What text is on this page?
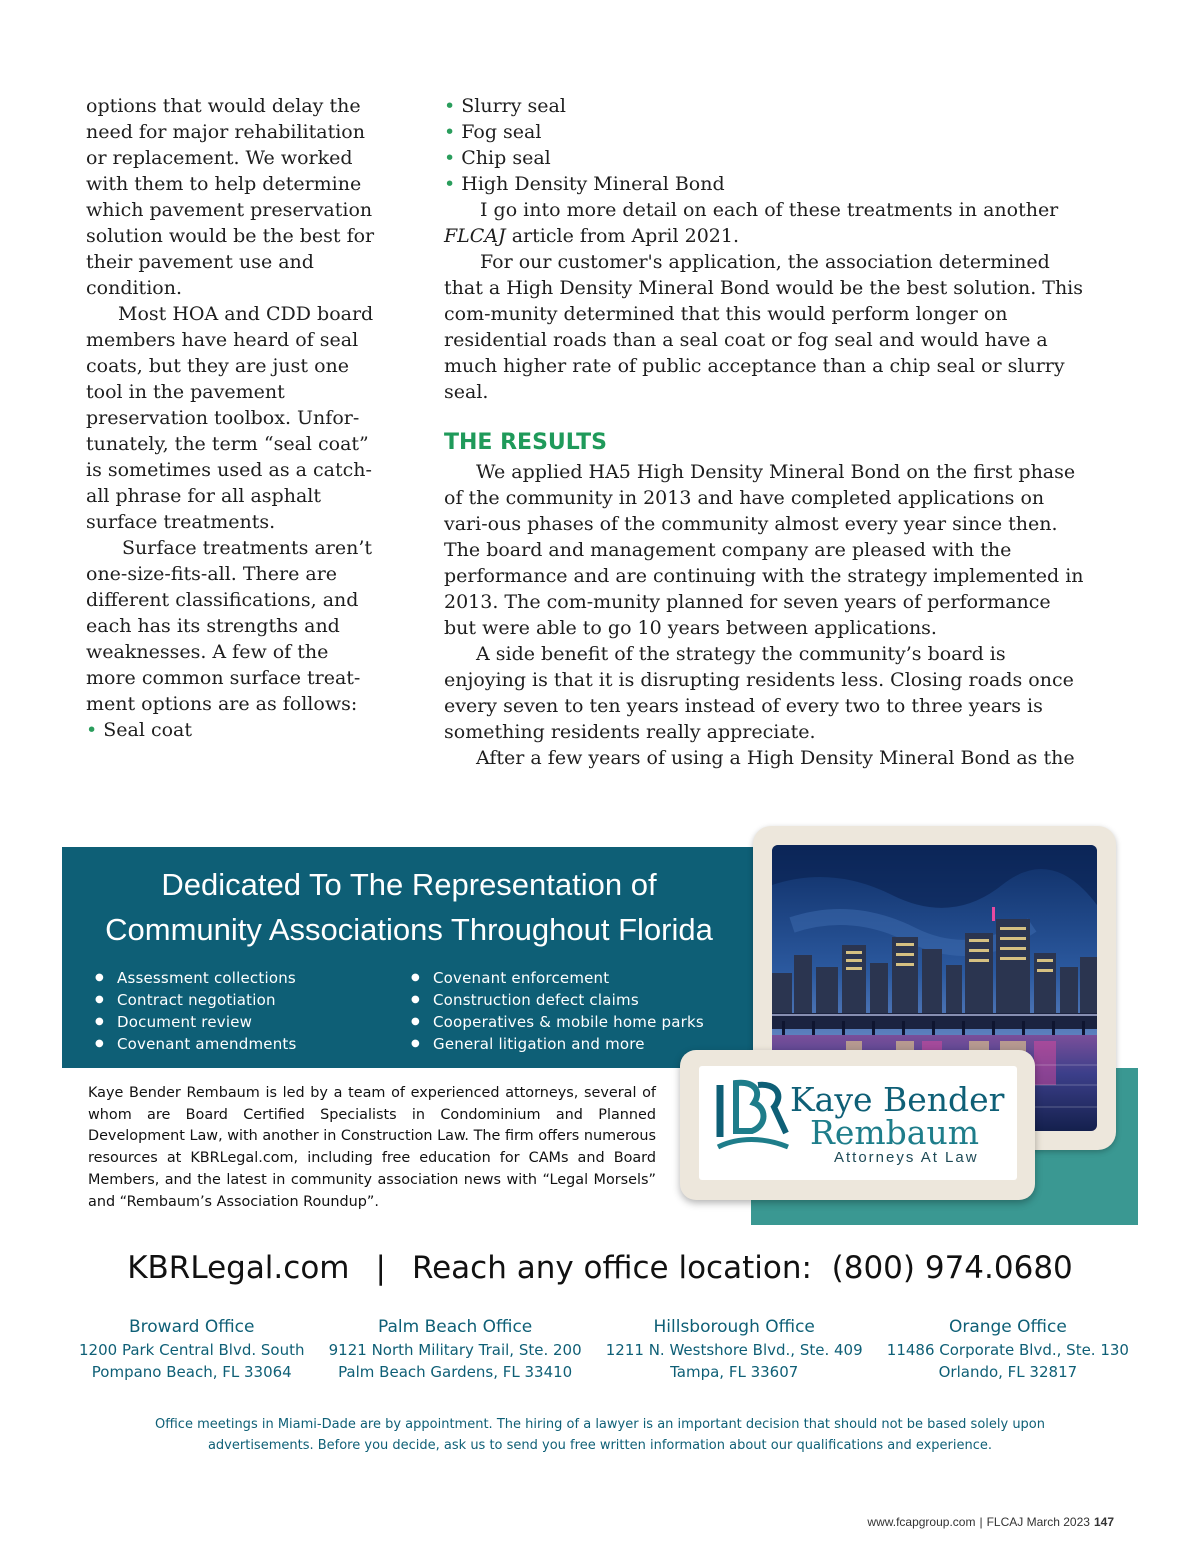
options that would delay the need for major rehabilitation or replacement. We worked with them to help determine which pavement preservation solution would be the best for their pavement use and condition.

Most HOA and CDD board members have heard of seal coats, but they are just one tool in the pavement preservation toolbox. Unfor-tunately, the term “seal coat” is sometimes used as a catch-all phrase for all asphalt surface treatments.

Surface treatments aren’t one-size-fits-all. There are different classifications, and each has its strengths and weaknesses. A few of the more common surface treat-ment options are as follows:

• Seal coat
• Slurry seal
• Fog seal
• Chip seal
• High Density Mineral Bond

I go into more detail on each of these treatments in another FLCAJ article from April 2021.

For our customer's application, the association determined that a High Density Mineral Bond would be the best solution. This com-munity determined that this would perform longer on residential roads than a seal coat or fog seal and would have a much higher rate of public acceptance than a chip seal or slurry seal.

THE RESULTS

We applied HA5 High Density Mineral Bond on the first phase of the community in 2013 and have completed applications on vari-ous phases of the community almost every year since then. The board and management company are pleased with the performance and are continuing with the strategy implemented in 2013. The com-munity planned for seven years of performance but were able to go 10 years between applications.

A side benefit of the strategy the community’s board is enjoying is that it is disrupting residents less. Closing roads once every seven to ten years instead of every two to three years is something residents really appreciate.

After a few years of using a High Density Mineral Bond as the

Dedicated To The Representation of
Community Associations Throughout Florida
● Assessment collections
● Contract negotiation
● Document review
● Covenant amendments
● Covenant enforcement
● Construction defect claims
● Cooperatives & mobile home parks
● General litigation and more
Kaye Bender
Rembaum
Attorneys At Law

Kaye Bender Rembaum is led by a team of experienced attorneys, several of whom are Board Certified Specialists in Condominium and Planned Development Law, with another in Construction Law. The firm offers numerous resources at KBRLegal.com, including free education for CAMs and Board Members, and the latest in community association news with “Legal Morsels” and “Rembaum’s Association Roundup”.

KBRLegal.com | Reach any office location: (800) 974.0680
Broward Office
1200 Park Central Blvd. South
Pompano Beach, FL 33064
Palm Beach Office
9121 North Military Trail, Ste. 200
Palm Beach Gardens, FL 33410
Hillsborough Office
1211 N. Westshore Blvd., Ste. 409
Tampa, FL 33607
Orange Office
11486 Corporate Blvd., Ste. 130
Orlando, FL 32817

Office meetings in Miami-Dade are by appointment. The hiring of a lawyer is an important decision that should not be based solely upon advertisements. Before you decide, ask us to send you free written information about our qualifications and experience.

www.fcapgroup.com | FLCAJ March 2023 147
